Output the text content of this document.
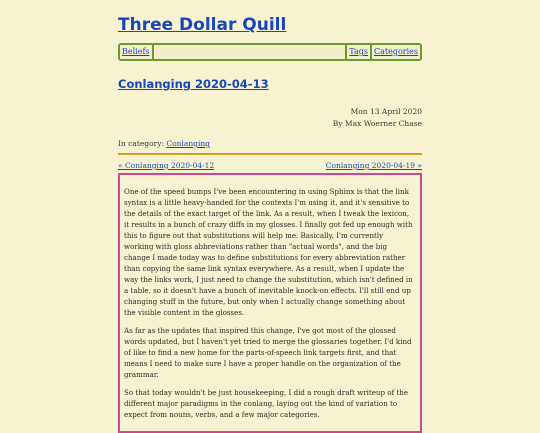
Three Dollar Quill
Beliefs	Tags Categories
Conlanging 2020-04-13
Mon 13 April 2020
By Max Woerner Chase
In category: Conlanging
« Conlanging 2020-04-12	Conlanging 2020-04-19 »

One of the speed bumps I've been encountering in using Sphinx is that the link syntax is a little heavy-handed for the contexts I'm using it, and it's sensitive to the details of the exact target of the link. As a result, when I tweak the lexicon, it results in a bunch of crazy diffs in my glosses. I finally got fed up enough with this to figure out that substitutions will help me. Basically, I'm currently working with gloss abbreviations rather than "actual words", and the big change I made today was to define substitutions for every abbreviation rather than copying the same link syntax everywhere. As a result, when I update the way the links work, I just need to change the substitution, which isn't defined in a table, so it doesn't have a bunch of inevitable knock-on effects. I'll still end up changing stuff in the future, but only when I actually change something about the visible content in the glosses.

As far as the updates that inspired this change, I've got most of the glossed words updated, but I haven't yet tried to merge the glossaries together. I'd kind of like to find a new home for the parts-of-speech link targets first, and that means I need to make sure I have a proper handle on the organization of the grammar.

So that today wouldn't be just housekeeping, I did a rough draft writeup of the different major paradigms in the conlang, laying out the kind of variation to expect from nouns, verbs, and a few major categories.
